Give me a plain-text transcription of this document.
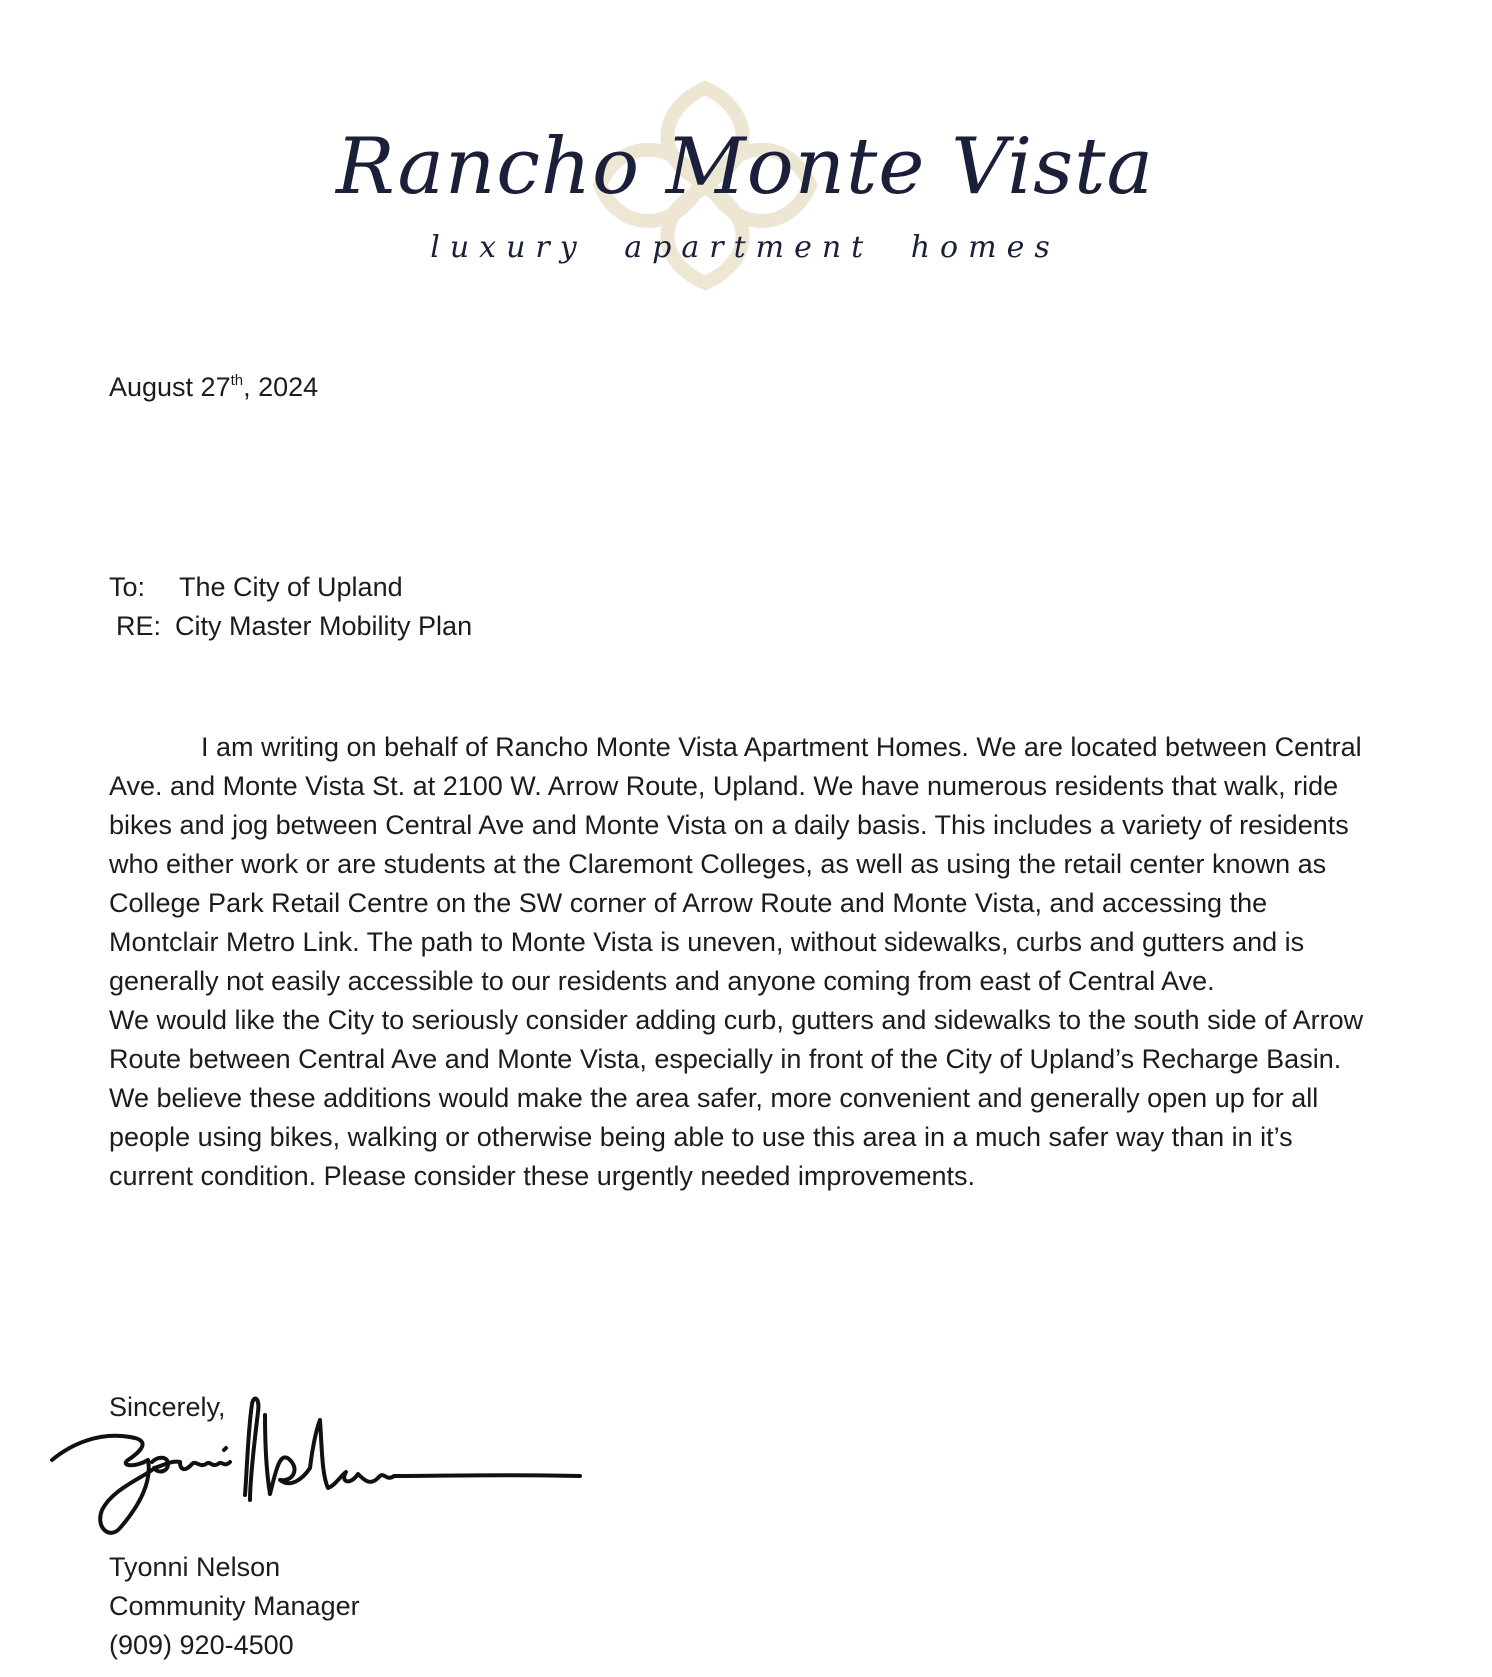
Rancho Monte Vista
luxury apartment homes
August 27th, 2024
To: The City of Upland
RE: City Master Mobility Plan
I am writing on behalf of Rancho Monte Vista Apartment Homes. We are located between Central Ave. and Monte Vista St. at 2100 W. Arrow Route, Upland. We have numerous residents that walk, ride bikes and jog between Central Ave and Monte Vista on a daily basis. This includes a variety of residents who either work or are students at the Claremont Colleges, as well as using the retail center known as College Park Retail Centre on the SW corner of Arrow Route and Monte Vista, and accessing the Montclair Metro Link. The path to Monte Vista is uneven, without sidewalks, curbs and gutters and is generally not easily accessible to our residents and anyone coming from east of Central Ave.
We would like the City to seriously consider adding curb, gutters and sidewalks to the south side of Arrow Route between Central Ave and Monte Vista, especially in front of the City of Upland’s Recharge Basin. We believe these additions would make the area safer, more convenient and generally open up for all people using bikes, walking or otherwise being able to use this area in a much safer way than in it’s current condition. Please consider these urgently needed improvements.
Sincerely,
Tyonni Nelson
Community Manager
(909) 920-4500
